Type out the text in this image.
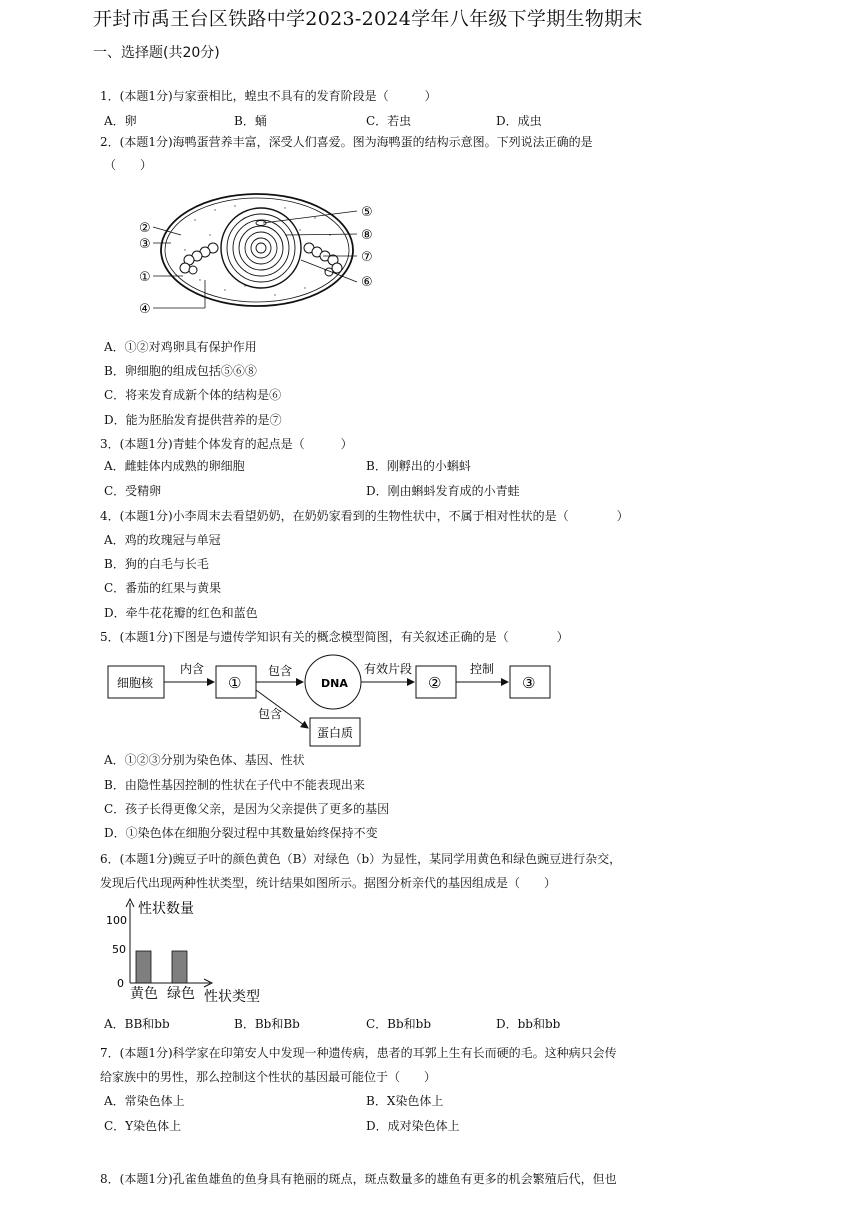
开封市禹王台区铁路中学2023-2024学年八年级下学期生物期末
一、选择题(共20分)
1．(本题1分)与家蚕相比，蝗虫不具有的发育阶段是（　　　）
A．卵	B．蛹	C．若虫	D．成虫
2．(本题1分)海鸭蛋营养丰富，深受人们喜爱。图为海鸭蛋的结构示意图。下列说法正确的是
（　　）
②
③
①
④
⑤
⑧
⑦
⑥
A．①②对鸡卵具有保护作用
B．卵细胞的组成包括⑤⑥⑧
C．将来发育成新个体的结构是⑥
D．能为胚胎发育提供营养的是⑦
3．(本题1分)青蛙个体发育的起点是（　　　）
A．雌蛙体内成熟的卵细胞	B．刚孵出的小蝌蚪
C．受精卵	D．刚由蝌蚪发育成的小青蛙
4．(本题1分)小李周末去看望奶奶，在奶奶家看到的生物性状中，不属于相对性状的是（　　　　）
A．鸡的玫瑰冠与单冠
B．狗的白毛与长毛
C．番茄的红果与黄果
D．牵牛花花瓣的红色和蓝色
5．(本题1分)下图是与遗传学知识有关的概念模型简图，有关叙述正确的是（　　　　）
细胞核
内含
①
包含
DNA
有效片段
②
控制
③
包含
蛋白质
A．①②③分别为染色体、基因、性状
B．由隐性基因控制的性状在子代中不能表现出来
C．孩子长得更像父亲，是因为父亲提供了更多的基因
D．①染色体在细胞分裂过程中其数量始终保持不变
6．(本题1分)豌豆子叶的颜色黄色（B）对绿色（b）为显性，某同学用黄色和绿色豌豆进行杂交，
发现后代出现两种性状类型，统计结果如图所示。据图分析亲代的基因组成是（　　）
性状数量
性状类型
100
50
0
黄色 绿色
A．BB和bb	B．Bb和Bb	C．Bb和bb	D．bb和bb
7．(本题1分)科学家在印第安人中发现一种遗传病，患者的耳郭上生有长而硬的毛。这种病只会传
给家族中的男性，那么控制这个性状的基因最可能位于（　　）
A．常染色体上	B．X染色体上
C．Y染色体上	D．成对染色体上
8．(本题1分)孔雀鱼雄鱼的鱼身具有艳丽的斑点，斑点数量多的雄鱼有更多的机会繁殖后代，但也
